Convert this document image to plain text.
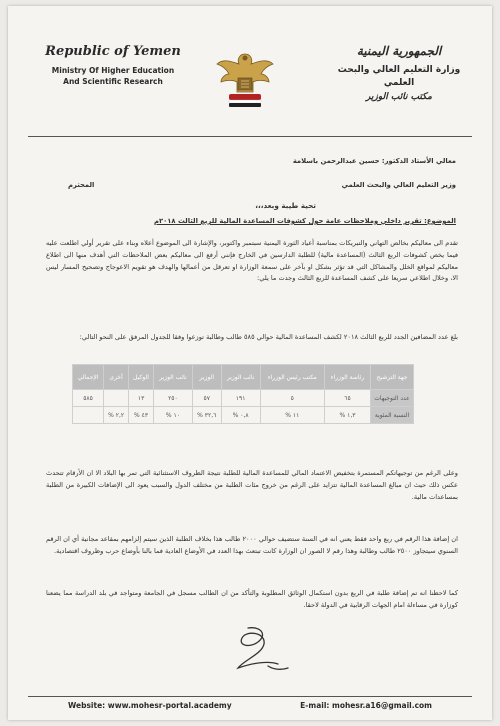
Republic of Yemen
Ministry Of Higher Education
And Scientific Research
الجمهورية اليمنية
وزارة التعليم العالي والبحث العلمي
مكتب نائب الوزير
معالي الأستاذ الدكتور: حسين عبدالرحمن باسلامة
وزير التعليم العالي والبحث العلمي
المحترم
تحية طيبة وبعد،،،
الموضوع: تقرير داخلي وملاحظات عامة حول كشوفات المساعدة المالية للربع الثالث ٢٠١٨م
تقدم الى معاليكم بخالص التهاني والتبريكات بمناسبة أعياد الثورة اليمنية سبتمبر واكتوبر، والإشارة الى الموضوع أعلاه وبناء على تقرير أولي اطلعت عليه فيما يخص كشوفات الربع الثالث (المساعدة مالية) للطلبة الدارسين في الخارج فإنني أرفع الى معاليكم بعض الملاحظات التي أهدف منها الى اطلاع معاليكم لمواقع الخلل والمشاكل التي قد تؤثر بشكل او بآخر على سمعة الوزارة او تعرقل من أعمالها والهدف هو تقويم الاعوجاج وتصحيح المسار ليس الا، وخلال اطلاعي سريعا على كشف المساعدة للربع الثالث وجدت ما يلي:
بلغ عدد المضافين الجدد للربع الثالث ٢٠١٨ لكشف المساعدة المالية حوالي ٥٨٥ طالب وطالبة توزعوا وفقا للجدول المرفق على النحو التالي:
جهة الترشيح	رئاسة الوزراء	مكتب رئيس الوزراء	نائب الوزير	الوزير	نائب الوزير	الوكيل	أخرى	الإجمالي
عدد التوجيهات	٦٥	٥	١٩١	٥٧	٢٥٠	١٣		٥٨٥
النسبة المئوية	١,٣ %	١١ %	٠,٨ %	٣٢,٦ %	١٠ %	٤٣ %	٢,٢ %	
وعلى الرغم من توجيهاتكم المستمرة بتخفيض الاعتماد المالي للمساعدة المالية للطلبة نتيجة الظروف الاستثنائية التي تمر بها البلاد الا ان الأرقام تتحدث عكس ذلك حيث ان مبالغ المساعدة المالية تتزايد على الرغم من خروج مئات الطلبة من مختلف الدول والسبب يعود الى الإضافات الكبيرة من الطلبة بمساعدات مالية.
ان إضافة هذا الرقم في ربع واحد فقط يعني انه في السنة ستضيف حوالي ٢٠٠٠ طالب هذا بخلاف الطلبة الذين سيتم إلزامهم بمقاعد مجانية أي ان الرقم السنوي سيتجاوز ٢٥٠٠ طالب وطالبة وهذا رقم لا الصور ان الوزارة كانت تبتعث بهذا العدد في الأوضاع العادية فما بالنا بأوضاع حرب وظروف اقتصادية.
كما لاحظنا انه تم إضافة طلبة في الربع بدون استكمال الوثائق المطلوبة والتأكد من ان الطالب مسجل في الجامعة ومتواجد في بلد الدراسة مما يضعنا كوزارة في مساءلة امام الجهات الرقابية في الدولة لاحقا.
Website: www.mohesr-portal.academy	E-mail: mohesr.a16@gmail.com
